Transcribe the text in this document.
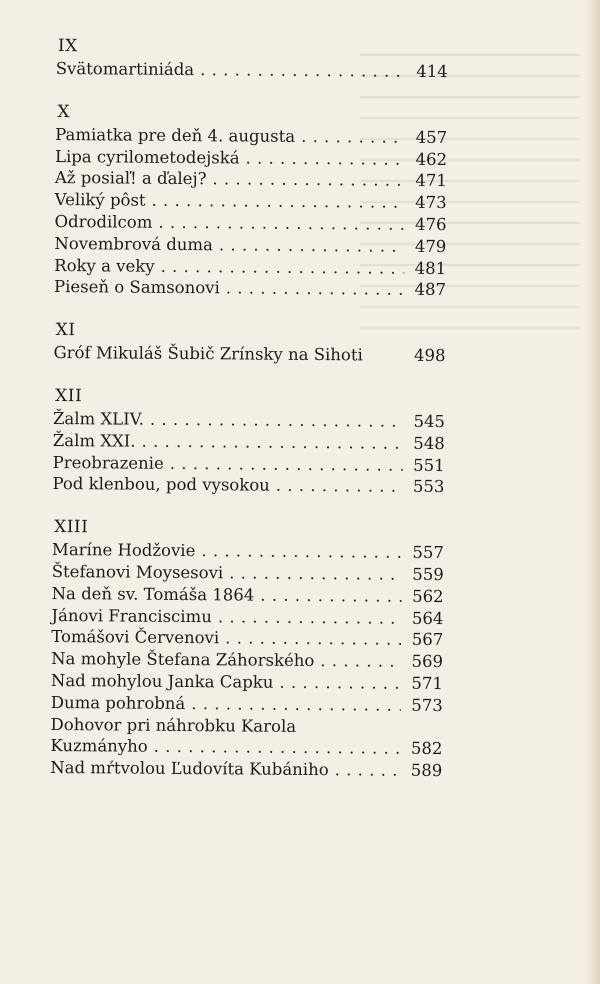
IX
Svätomartiniáda . . .	414
X
Pamiatka pre deň 4. augusta . . .	457
Lipa cyrilometodejská . . .	462
Až posiaľ! a ďalej? . . .	471
Veliký pôst . . .	473
Odrodilcom . . .	476
Novembrová duma . . .	479
Roky a veky . . .	481
Pieseň o Samsonovi . . .	487
XI
Gróf Mikuláš Šubič Zrínsky na Sihoti	498
XII
Žalm XLIV. . . .	545
Žalm XXI. . . .	548
Preobrazenie . . .	551
Pod klenbou, pod vysokou . . .	553
XIII
Maríne Hodžovie . . .	557
Štefanovi Moysesovi . . .	559
Na deň sv. Tomáša 1864 . . .	562
Jánovi Franciscimu . . .	564
Tomášovi Červenovi . . .	567
Na mohyle Štefana Záhorského . . .	569
Nad mohylou Janka Capku . . .	571
Duma pohrobná . . .	573
Dohovor pri náhrobku Karola
Kuzmányho . . .	582
Nad mŕtvolou Ľudovíta Kubániho . . .	589
